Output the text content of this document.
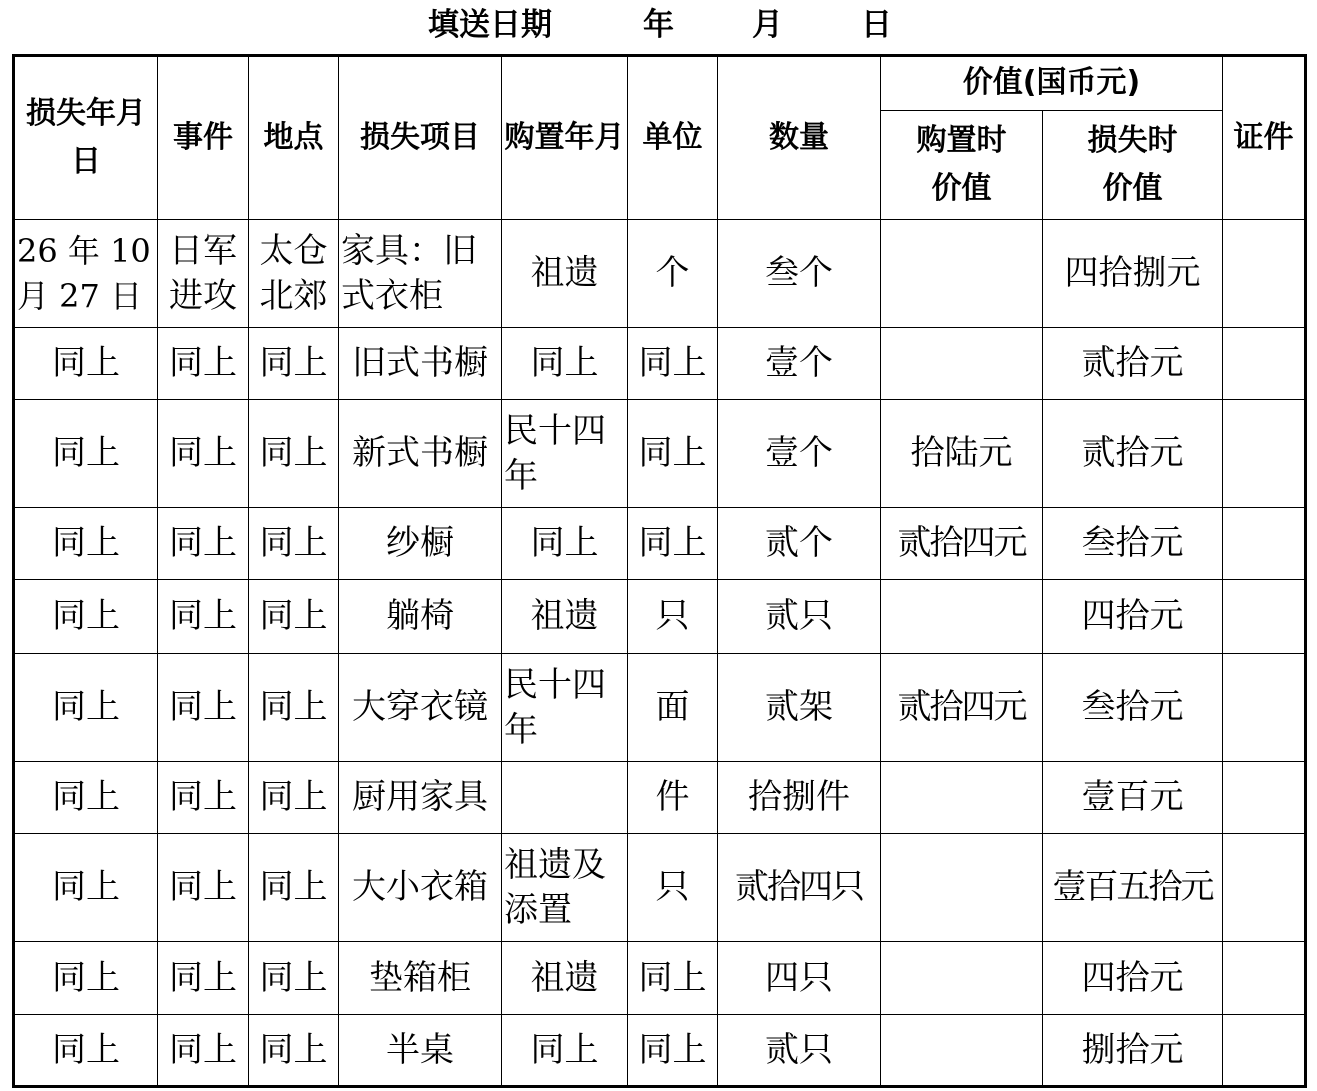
填送日期

	年

	月

	日

损失年月日	事件	地点	损失项目	购置年月	单位	数量	价值(国币元)		证件
							购置时价值	损失时价值	
26 年 10 月 27 日	日军进攻	太仓北郊	家具：旧式衣柜	祖遗	个	叁个		四拾捌元	
同上	同上	同上	旧式书橱	同上	同上	壹个		贰拾元	
同上	同上	同上	新式书橱	民十四年	同上	壹个	拾陆元	贰拾元	
同上	同上	同上	纱橱	同上	同上	贰个	贰拾四元	叁拾元	
同上	同上	同上	躺椅	祖遗	只	贰只		四拾元	
同上	同上	同上	大穿衣镜	民十四年	面	贰架	贰拾四元	叁拾元	
同上	同上	同上	厨用家具		件	拾捌件		壹百元	
同上	同上	同上	大小衣箱	祖遗及添置	只	贰拾四只		壹百五拾元	
同上	同上	同上	垫箱柜	祖遗	同上	四只		四拾元	
同上	同上	同上	半桌	同上	同上	贰只		捌拾元	
